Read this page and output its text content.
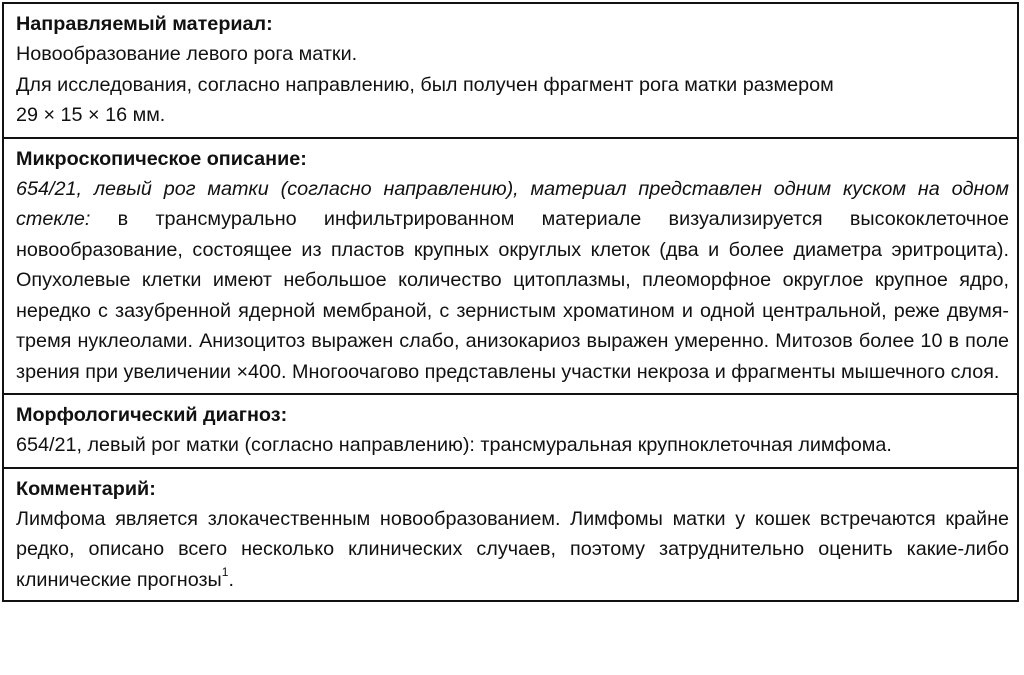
Направляемый материал:
Новообразование левого рога матки.
Для исследования, согласно направлению, был получен фрагмент рога матки размером
29 × 15 × 16 мм.
Микроскопическое описание:
654/21, левый рог матки (согласно направлению), материал представлен одним куском на одном стекле: в трансмурально инфильтрированном материале визуализируется высококлеточное новообразование, состоящее из пластов крупных округлых клеток (два и более диаметра эритроцита). Опухолевые клетки имеют небольшое количество цитоплазмы, плеоморфное округлое крупное ядро, нередко с зазубренной ядерной мембраной, с зернистым хроматином и одной центральной, реже двумя-тремя нуклеолами. Анизоцитоз выражен слабо, анизокариоз выражен умеренно. Митозов более 10 в поле зрения при увеличении ×400. Многоочагово представлены участки некроза и фрагменты мышечного слоя.
Морфологический диагноз:
654/21, левый рог матки (согласно направлению): трансмуральная крупноклеточная лимфома.
Комментарий:
Лимфома является злокачественным новообразованием. Лимфомы матки у кошек встречаются крайне редко, описано всего несколько клинических случаев, поэтому затруднительно оценить какие-либо клинические прогнозы$^1$.
